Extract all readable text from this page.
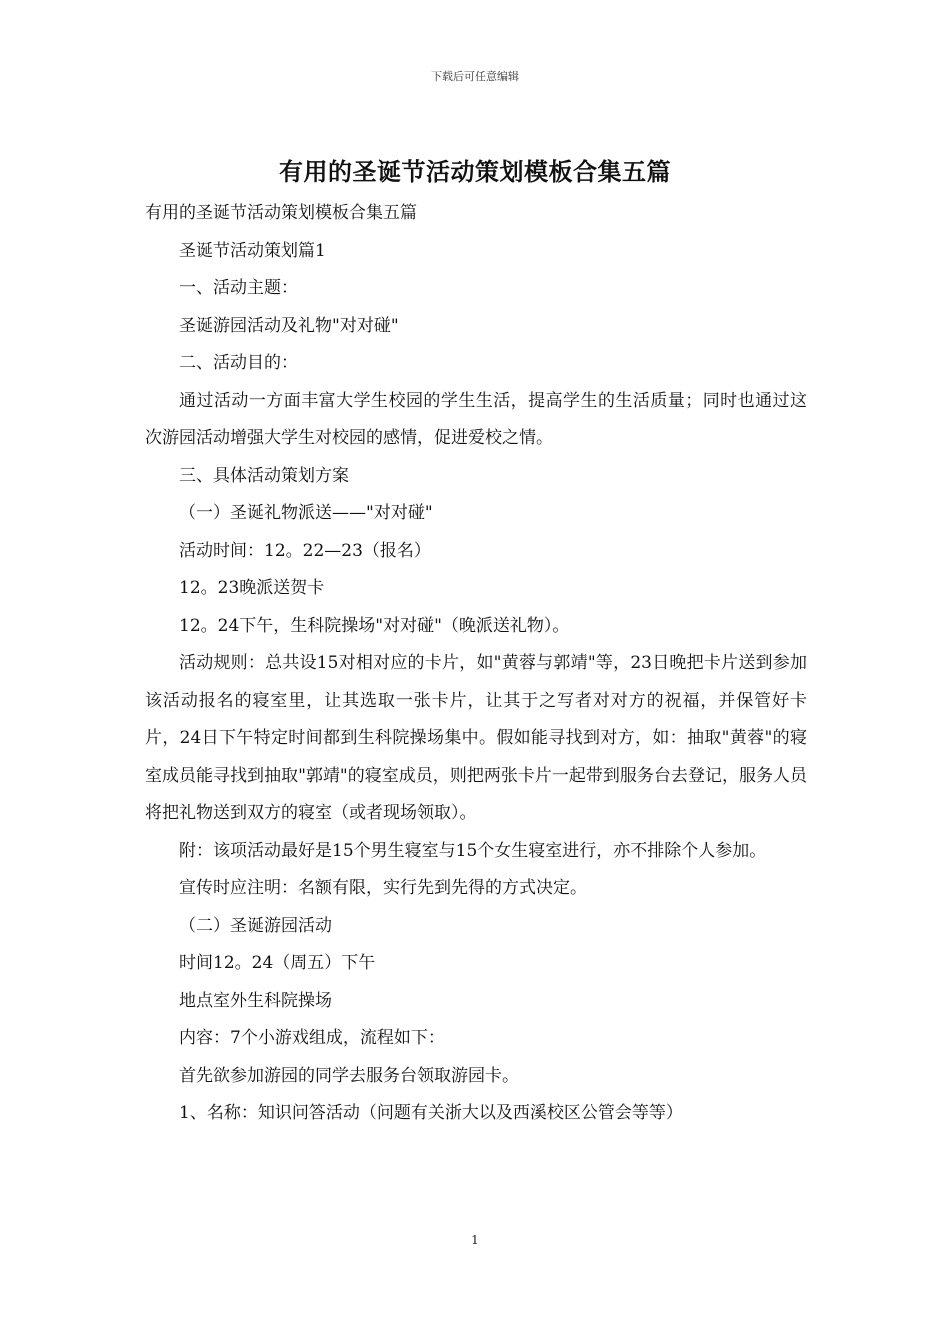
下载后可任意编辑
有用的圣诞节活动策划模板合集五篇

有用的圣诞节活动策划模板合集五篇

圣诞节活动策划篇1

一、活动主题：

圣诞游园活动及礼物"对对碰"

二、活动目的：

通过活动一方面丰富大学生校园的学生生活，提高学生的生活质量；同时也通过这次游园活动增强大学生对校园的感情，促进爱校之情。

三、具体活动策划方案

（一）圣诞礼物派送——"对对碰"

活动时间：12。22—23（报名）

12。23晚派送贺卡

12。24下午，生科院操场"对对碰"（晚派送礼物）。

活动规则：总共设15对相对应的卡片，如"黄蓉与郭靖"等，23日晚把卡片送到参加该活动报名的寝室里，让其选取一张卡片，让其于之写者对对方的祝福，并保管好卡片，24日下午特定时间都到生科院操场集中。假如能寻找到对方，如：抽取"黄蓉"的寝室成员能寻找到抽取"郭靖"的寝室成员，则把两张卡片一起带到服务台去登记，服务人员将把礼物送到双方的寝室（或者现场领取）。

附：该项活动最好是15个男生寝室与15个女生寝室进行，亦不排除个人参加。

宣传时应注明：名额有限，实行先到先得的方式决定。

（二）圣诞游园活动

时间12。24（周五）下午

地点室外生科院操场

内容：7个小游戏组成，流程如下：

首先欲参加游园的同学去服务台领取游园卡。

1、名称：知识问答活动（问题有关浙大以及西溪校区公管会等等）

1
